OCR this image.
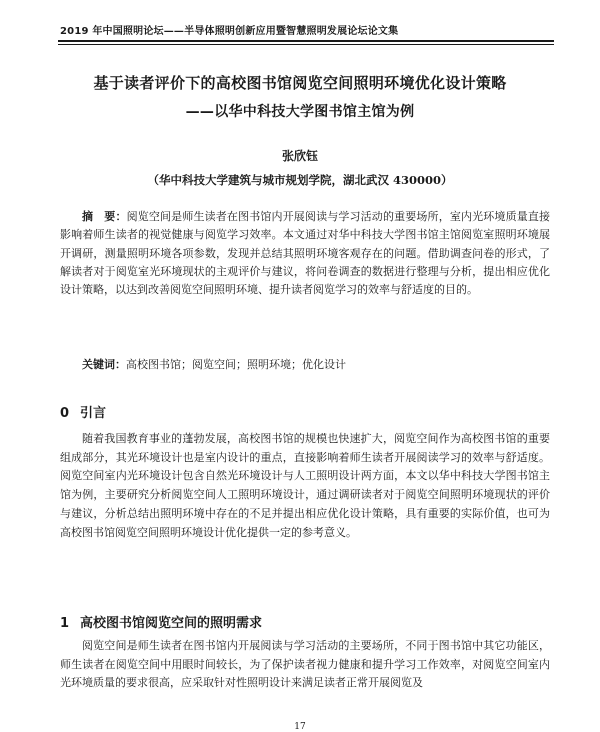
2019 年中国照明论坛——半导体照明创新应用暨智慧照明发展论坛论文集
基于读者评价下的高校图书馆阅览空间照明环境优化设计策略
——以华中科技大学图书馆主馆为例
张欣钰
（华中科技大学建筑与城市规划学院，湖北武汉 430000）

摘　要：阅览空间是师生读者在图书馆内开展阅读与学习活动的重要场所，室内光环境质量直接影响着师生读者的视觉健康与阅览学习效率。本文通过对华中科技大学图书馆主馆阅览室照明环境展开调研，测量照明环境各项参数，发现并总结其照明环境客观存在的问题。借助调查问卷的形式，了解读者对于阅览室光环境现状的主观评价与建议，将问卷调查的数据进行整理与分析，提出相应优化设计策略，以达到改善阅览空间照明环境、提升读者阅览学习的效率与舒适度的目的。

关键词：高校图书馆；阅览空间；照明环境；优化设计

0 引言

随着我国教育事业的蓬勃发展，高校图书馆的规模也快速扩大，阅览空间作为高校图书馆的重要组成部分，其光环境设计也是室内设计的重点，直接影响着师生读者开展阅读学习的效率与舒适度。阅览空间室内光环境设计包含自然光环境设计与人工照明设计两方面，本文以华中科技大学图书馆主馆为例，主要研究分析阅览空间人工照明环境设计，通过调研读者对于阅览空间照明环境现状的评价与建议，分析总结出照明环境中存在的不足并提出相应优化设计策略，具有重要的实际价值，也可为高校图书馆阅览空间照明环境设计优化提供一定的参考意义。

1 高校图书馆阅览空间的照明需求

阅览空间是师生读者在图书馆内开展阅读与学习活动的主要场所，不同于图书馆中其它功能区，师生读者在阅览空间中用眼时间较长，为了保护读者视力健康和提升学习工作效率，对阅览空间室内光环境质量的要求很高，应采取针对性照明设计来满足读者正常开展阅览及

17
